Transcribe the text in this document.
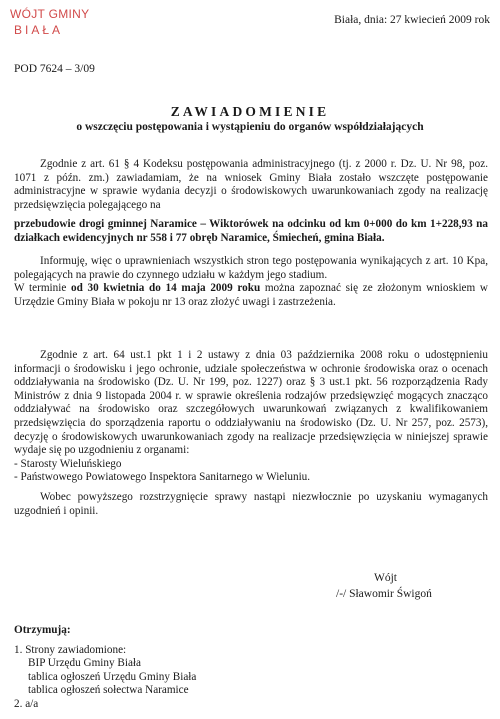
WÓJT GMINY
BIAŁA
Biała, dnia: 27 kwiecień 2009 rok
POD 7624 – 3/09
ZAWIADOMIENIE
o wszczęciu postępowania i wystąpieniu do organów współdziałających
Zgodnie z art. 61 § 4 Kodeksu postępowania administracyjnego (tj. z 2000 r. Dz. U. Nr 98, poz. 1071 z późn. zm.) zawiadamiam, że na wniosek Gminy Biała zostało wszczęte postępowanie administracyjne w sprawie wydania decyzji o środowiskowych uwarunkowaniach zgody na realizację przedsięwzięcia polegającego na
przebudowie drogi gminnej Naramice – Wiktorówek na odcinku od km 0+000 do km 1+228,93 na działkach ewidencyjnych nr 558 i 77 obręb Naramice, Śmiecheń, gmina Biała.
Informuję, więc o uprawnieniach wszystkich stron tego postępowania wynikających z art. 10 Kpa, polegających na prawie do czynnego udziału w każdym jego stadium.
W terminie od 30 kwietnia do 14 maja 2009 roku można zapoznać się ze złożonym wnioskiem w Urzędzie Gminy Biała w pokoju nr 13 oraz złożyć uwagi i zastrzeżenia.
Zgodnie z art. 64 ust.1 pkt 1 i 2 ustawy z dnia 03 października 2008 roku o udostępnieniu informacji o środowisku i jego ochronie, udziale społeczeństwa w ochronie środowiska oraz o ocenach oddziaływania na środowisko (Dz. U. Nr 199, poz. 1227) oraz § 3 ust.1 pkt. 56 rozporządzenia Rady Ministrów z dnia 9 listopada 2004 r. w sprawie określenia rodzajów przedsięwzięć mogących znacząco oddziaływać na środowisko oraz szczegółowych uwarunkowań związanych z kwalifikowaniem przedsięwzięcia do sporządzenia raportu o oddziaływaniu na środowisko (Dz. U. Nr 257, poz. 2573), decyzję o środowiskowych uwarunkowaniach zgody na realizacje przedsięwzięcia w niniejszej sprawie wydaje się po uzgodnieniu z organami:
- Starosty Wieluńskiego
- Państwowego Powiatowego Inspektora Sanitarnego w Wieluniu.
Wobec powyższego rozstrzygnięcie sprawy nastąpi niezwłocznie po uzyskaniu wymaganych uzgodnień i opinii.
Wójt
/-/ Sławomir Świgoń
Otrzymują:
1. Strony zawiadomione:
BIP Urzędu Gminy Biała
tablica ogłoszeń Urzędu Gminy Biała
tablica ogłoszeń sołectwa Naramice
2. a/a
